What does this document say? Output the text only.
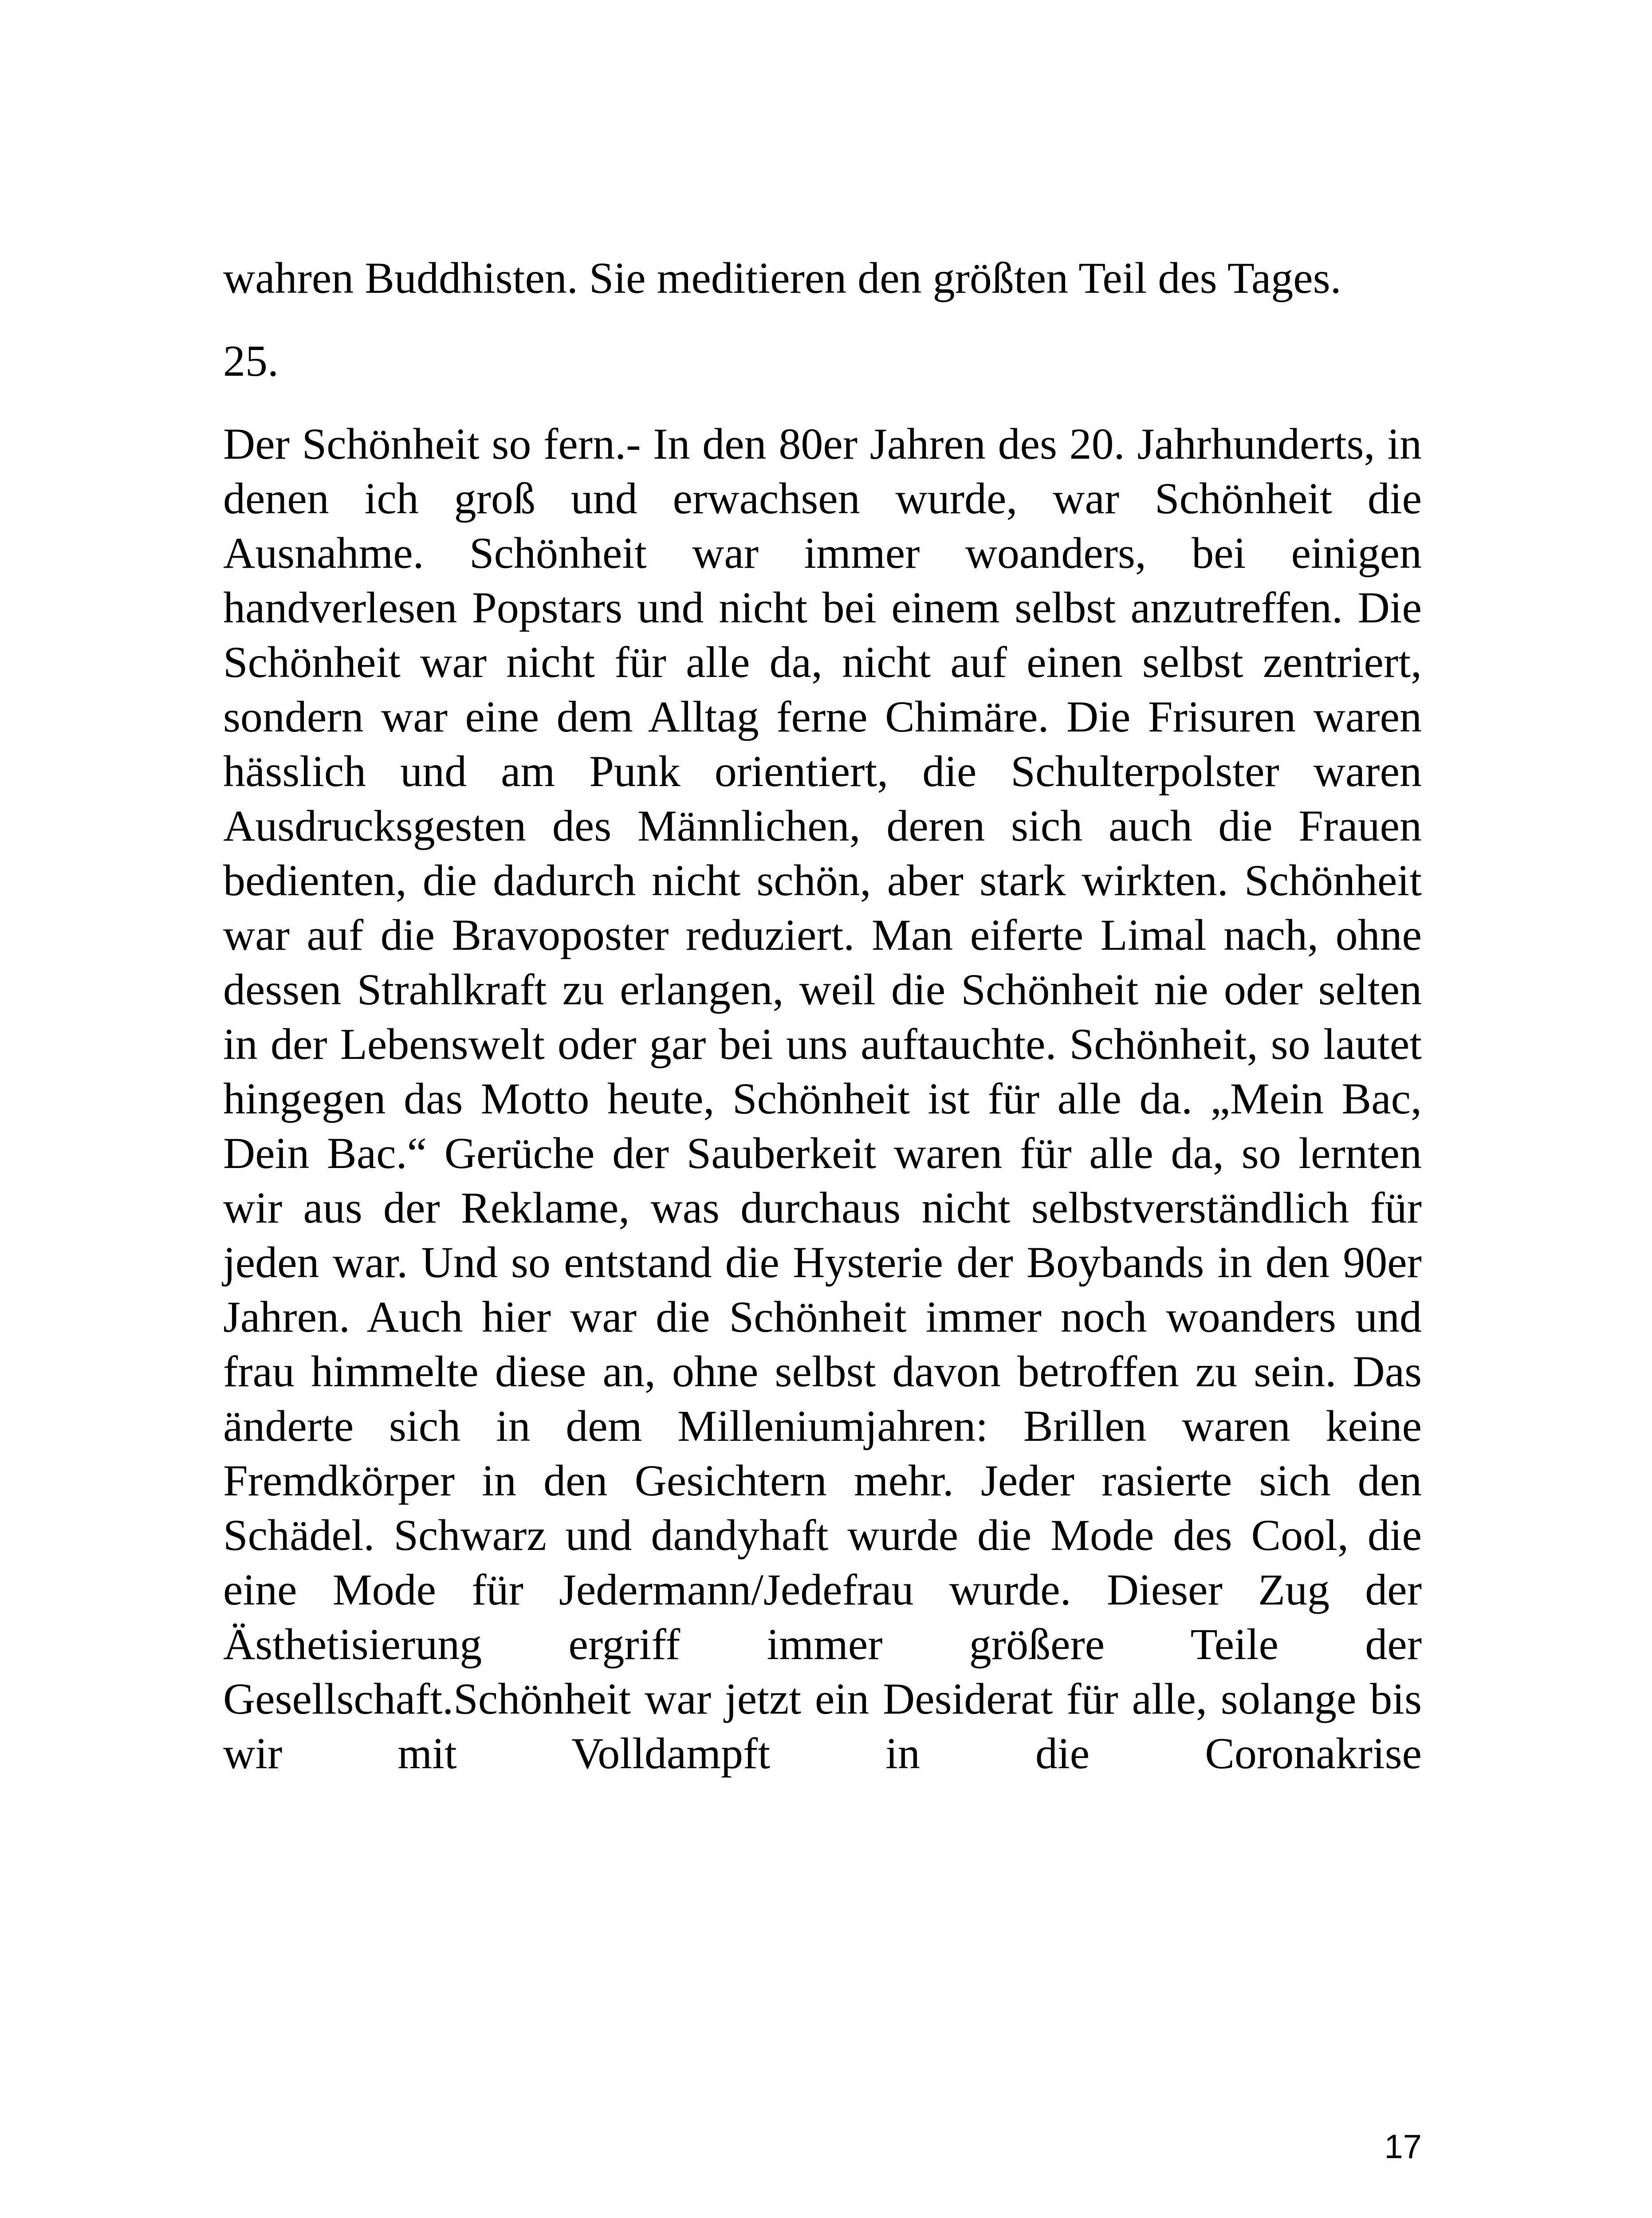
wahren Buddhisten. Sie meditieren den größten Teil des Tages.

25.

Der Schönheit so fern.- In den 80er Jahren des 20. Jahrhunderts, in denen ich groß und erwachsen wurde, war Schönheit die Ausnahme. Schönheit war immer woanders, bei einigen handverlesen Popstars und nicht bei einem selbst anzutreffen. Die Schönheit war nicht für alle da, nicht auf einen selbst zentriert, sondern war eine dem Alltag ferne Chimäre. Die Frisuren waren hässlich und am Punk orientiert, die Schulterpolster waren Ausdrucksgesten des Männlichen, deren sich auch die Frauen bedienten, die dadurch nicht schön, aber stark wirkten. Schönheit war auf die Bravoposter reduziert. Man eiferte Limal nach, ohne dessen Strahlkraft zu erlangen, weil die Schönheit nie oder selten in der Lebenswelt oder gar bei uns auftauchte. Schönheit, so lautet hingegen das Motto heute, Schönheit ist für alle da. „Mein Bac, Dein Bac.“ Gerüche der Sauberkeit waren für alle da, so lernten wir aus der Reklame, was durchaus nicht selbstverständlich für jeden war. Und so entstand die Hysterie der Boybands in den 90er Jahren. Auch hier war die Schönheit immer noch woanders und frau himmelte diese an, ohne selbst davon betroffen zu sein. Das änderte sich in dem Milleniumjahren: Brillen waren keine Fremdkörper in den Gesichtern mehr. Jeder rasierte sich den Schädel. Schwarz und dandyhaft wurde die Mode des Cool, die eine Mode für Jedermann/Jedefrau wurde. Dieser Zug der Ästhetisierung ergriff immer größere Teile der Gesellschaft.Schönheit war jetzt ein Desiderat für alle, solange bis wir mit Volldampft in die Coronakrise

17
